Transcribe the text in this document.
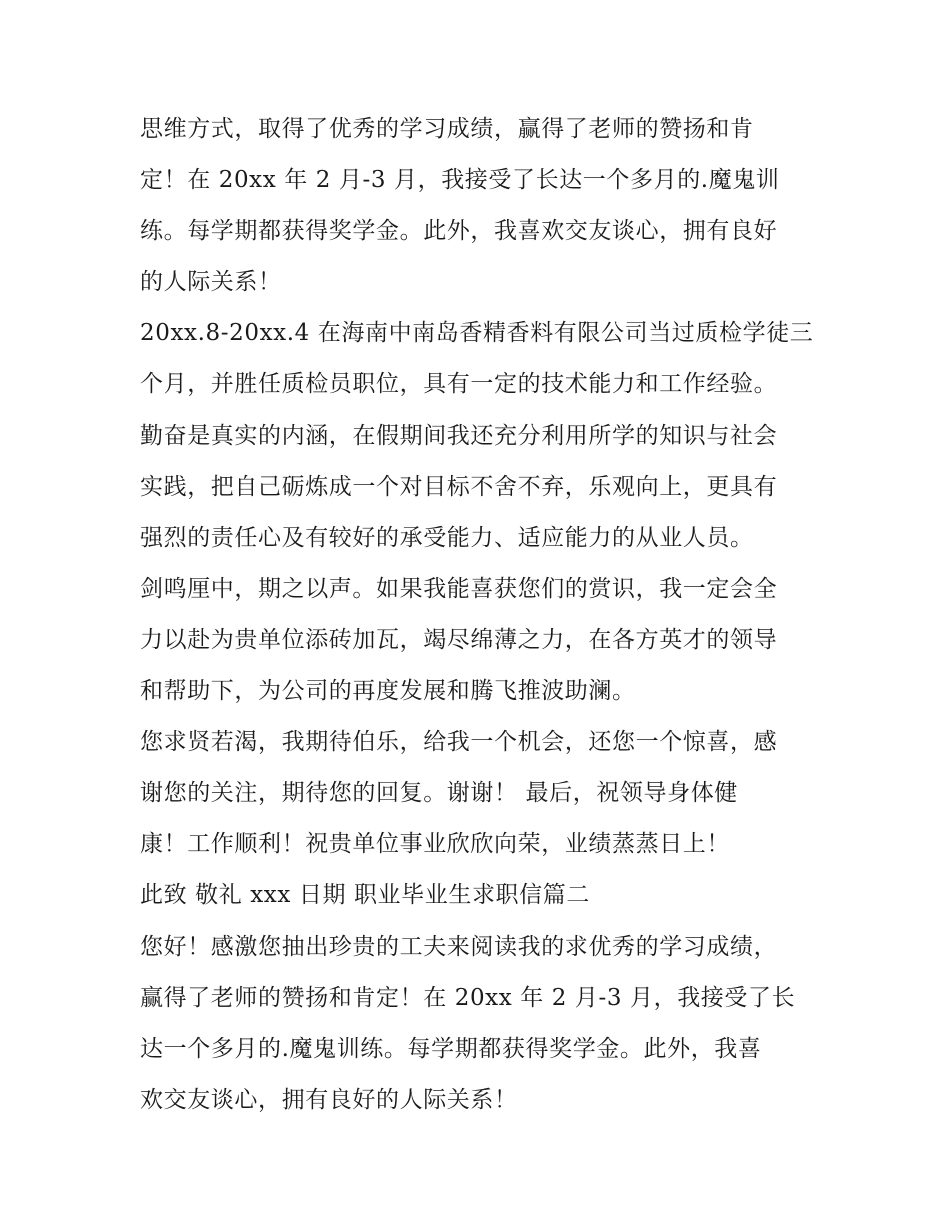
思维方式，取得了优秀的学习成绩，赢得了老师的赞扬和肯
定！在 20xx 年 2 月-3 月，我接受了长达一个多月的.魔鬼训
练。每学期都获得奖学金。此外，我喜欢交友谈心，拥有良好
的人际关系！
20xx.8-20xx.4 在海南中南岛香精香料有限公司当过质检学徒三
个月，并胜任质检员职位，具有一定的技术能力和工作经验。
勤奋是真实的内涵，在假期间我还充分利用所学的知识与社会
实践，把自己砺炼成一个对目标不舍不弃，乐观向上，更具有
强烈的责任心及有较好的承受能力、适应能力的从业人员。
剑鸣厘中，期之以声。如果我能喜获您们的赏识，我一定会全
力以赴为贵单位添砖加瓦，竭尽绵薄之力，在各方英才的领导
和帮助下，为公司的再度发展和腾飞推波助澜。
您求贤若渴，我期待伯乐，给我一个机会，还您一个惊喜，感
谢您的关注，期待您的回复。谢谢！ 最后，祝领导身体健
康！工作顺利！祝贵单位事业欣欣向荣，业绩蒸蒸日上！
此致 敬礼 xxx 日期 职业毕业生求职信篇二
您好！感激您抽出珍贵的工夫来阅读我的求优秀的学习成绩，
赢得了老师的赞扬和肯定！在 20xx 年 2 月-3 月，我接受了长
达一个多月的.魔鬼训练。每学期都获得奖学金。此外，我喜
欢交友谈心，拥有良好的人际关系！
